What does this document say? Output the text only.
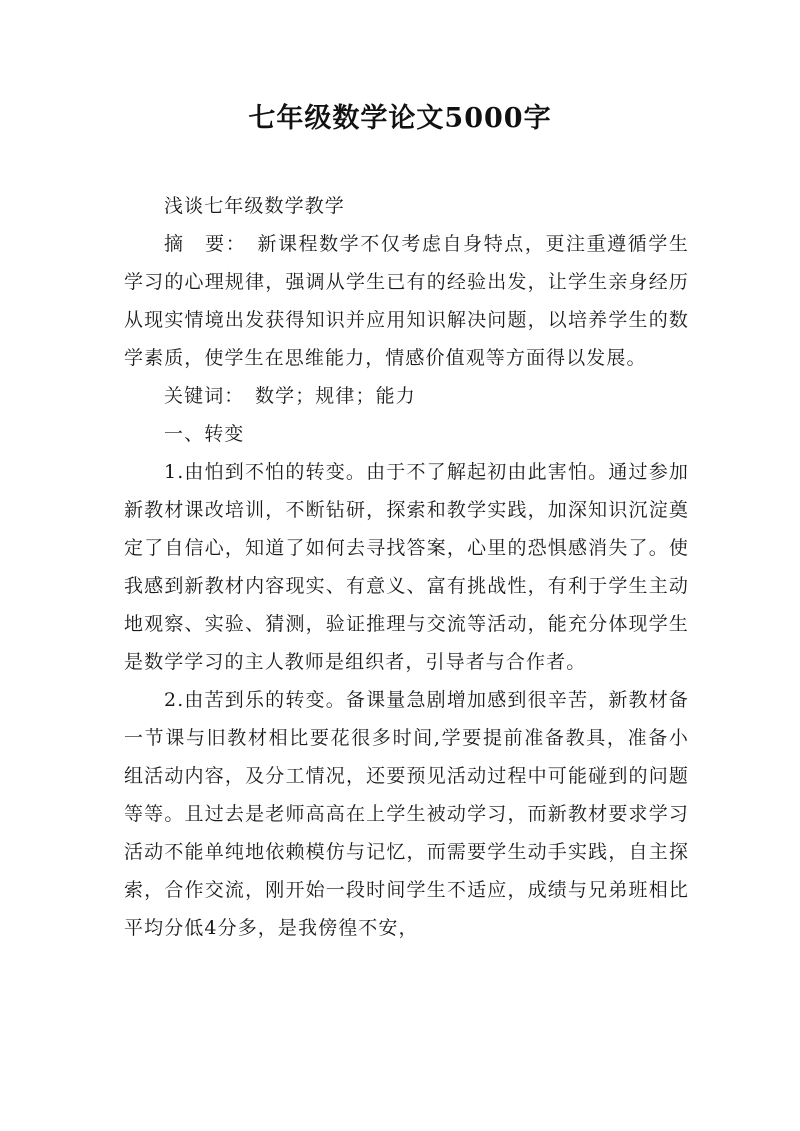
七年级数学论文5000字

浅谈七年级数学教学

摘　要：　新课程数学不仅考虑自身特点，更注重遵循学生学习的心理规律，强调从学生已有的经验出发，让学生亲身经历从现实情境出发获得知识并应用知识解决问题，以培养学生的数学素质，使学生在思维能力，情感价值观等方面得以发展。

关键词：　数学；规律；能力

一、转变

1.由怕到不怕的转变。由于不了解起初由此害怕。通过参加新教材课改培训，不断钻研，探索和教学实践，加深知识沉淀奠定了自信心，知道了如何去寻找答案，心里的恐惧感消失了。使我感到新教材内容现实、有意义、富有挑战性，有利于学生主动地观察、实验、猜测，验证推理与交流等活动，能充分体现学生是数学学习的主人教师是组织者，引导者与合作者。

2.由苦到乐的转变。备课量急剧增加感到很辛苦，新教材备一节课与旧教材相比要花很多时间,学要提前准备教具，准备小组活动内容，及分工情况，还要预见活动过程中可能碰到的问题等等。且过去是老师高高在上学生被动学习，而新教材要求学习活动不能单纯地依赖模仿与记忆，而需要学生动手实践，自主探索，合作交流，刚开始一段时间学生不适应，成绩与兄弟班相比平均分低4分多，是我傍徨不安，
